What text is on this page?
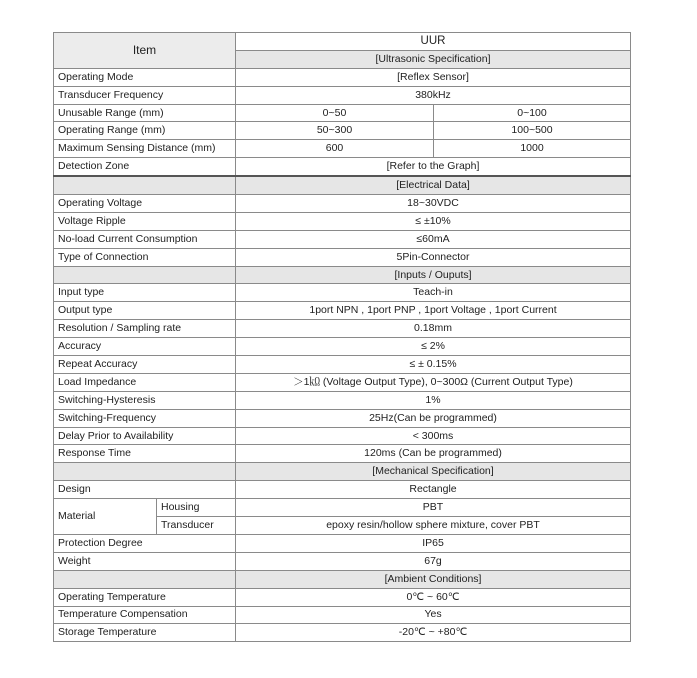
Item		UUR	
		[Ultrasonic Specification]	
Operating Mode		[Reflex Sensor]	
Transducer Frequency		380kHz	
Unusable Range (mm)		0~50	0~100
Operating Range (mm)		50~300	100~500
Maximum Sensing Distance (mm)		600	1000
Detection Zone		[Refer to the Graph]	
		[Electrical Data]	
Operating Voltage		18~30VDC	
Voltage Ripple		≤ ±10%	
No-load Current Consumption		≤60mA	
Type of Connection		5Pin-Connector	
		[Inputs / Ouputs]	
Input type		Teach-in	
Output type		1port NPN , 1port PNP , 1port Voltage , 1port Current	
Resolution / Sampling rate		0.18mm	
Accuracy		≤ 2%	
Repeat Accuracy		≤ ± 0.15%	
Load Impedance		＞1㏀ (Voltage Output Type), 0~300Ω (Current Output Type)	
Switching-Hysteresis		1%	
Switching-Frequency		25Hz(Can be programmed)	
Delay Prior to Availability		< 300ms	
Response Time		120ms (Can be programmed)	
		[Mechanical Specification]	
Design		Rectangle	
Material	Housing	PBT	
	Transducer	epoxy resin/hollow sphere mixture, cover PBT	
Protection Degree		IP65	
Weight		67g	
		[Ambient Conditions]	
Operating Temperature		0℃ ~ 60℃	
Temperature Compensation		Yes	
Storage Temperature		-20℃ ~ +80℃	
